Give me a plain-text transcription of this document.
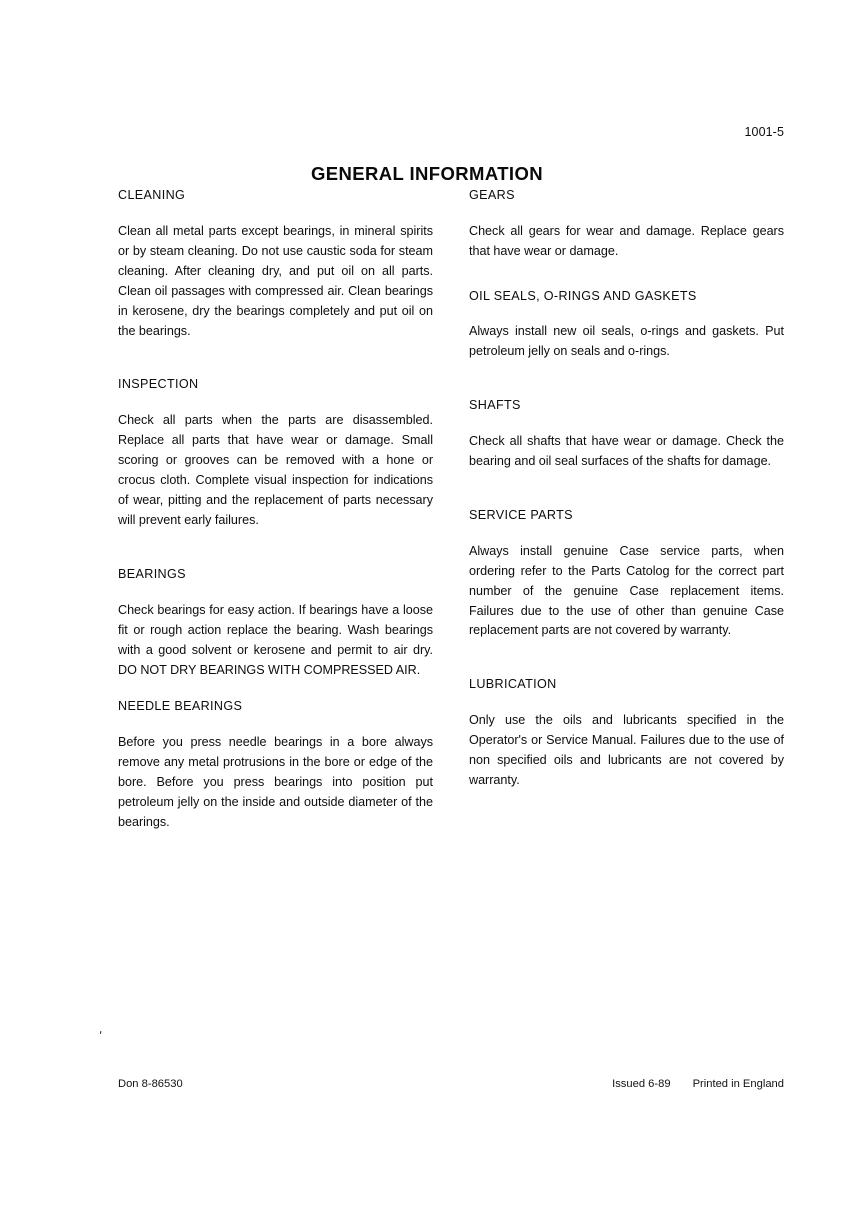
1001-5
GENERAL INFORMATION
CLEANING

Clean all metal parts except bearings, in mineral spirits or by steam cleaning. Do not use caustic soda for steam cleaning. After cleaning dry, and put oil on all parts. Clean oil passages with compressed air. Clean bearings in kerosene, dry the bearings completely and put oil on the bearings.

INSPECTION

Check all parts when the parts are disassembled. Replace all parts that have wear or damage. Small scoring or grooves can be removed with a hone or crocus cloth. Complete visual inspection for indications of wear, pitting and the replacement of parts necessary will prevent early failures.

BEARINGS

Check bearings for easy action. If bearings have a loose fit or rough action replace the bearing. Wash bearings with a good solvent or kerosene and permit to air dry. DO NOT DRY BEARINGS WITH COMPRESSED AIR.

NEEDLE BEARINGS

Before you press needle bearings in a bore always remove any metal protrusions in the bore or edge of the bore. Before you press bearings into position put petroleum jelly on the inside and outside diameter of the bearings.

GEARS

Check all gears for wear and damage. Replace gears that have wear or damage.

OIL SEALS, O-RINGS AND GASKETS

Always install new oil seals, o-rings and gaskets. Put petroleum jelly on seals and o-rings.

SHAFTS

Check all shafts that have wear or damage. Check the bearing and oil seal surfaces of the shafts for damage.

SERVICE PARTS

Always install genuine Case service parts, when ordering refer to the Parts Catolog for the correct part number of the genuine Case replacement items. Failures due to the use of other than genuine Case replacement parts are not covered by warranty.

LUBRICATION

Only use the oils and lubricants specified in the Operator's or Service Manual. Failures due to the use of non specified oils and lubricants are not covered by warranty.

'
Don 8-86530	Issued 6-89 Printed in England
